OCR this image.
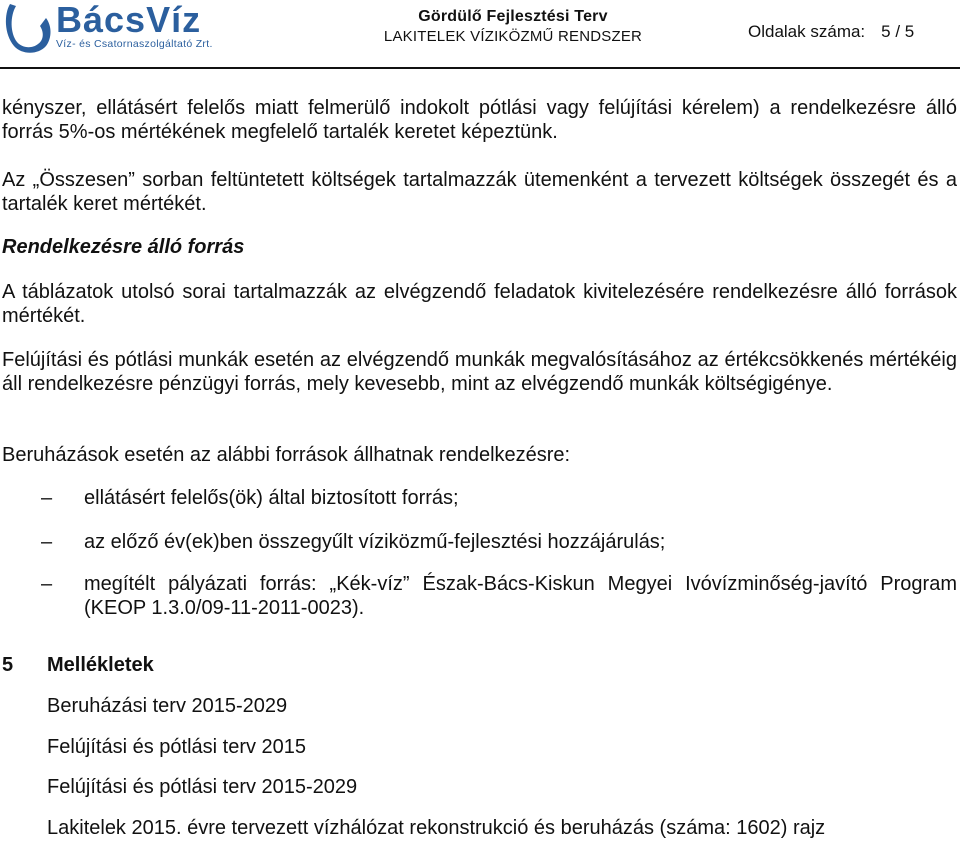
BácsVíz
Víz- és Csatornaszolgáltató Zrt.
Gördülő Fejlesztési Terv
LAKITELEK VÍZIKÖZMŰ RENDSZER	Oldalak száma: 5 / 5

kényszer, ellátásért felelős miatt felmerülő indokolt pótlási vagy felújítási kérelem) a rendelkezésre álló forrás 5%-os mértékének megfelelő tartalék keretet képeztünk.

Az „Összesen” sorban feltüntetett költségek tartalmazzák ütemenként a tervezett költségek összegét és a tartalék keret mértékét.

Rendelkezésre álló forrás

A táblázatok utolsó sorai tartalmazzák az elvégzendő feladatok kivitelezésére rendelkezésre álló források mértékét.

Felújítási és pótlási munkák esetén az elvégzendő munkák megvalósításához az értékcsökkenés mértékéig áll rendelkezésre pénzügyi forrás, mely kevesebb, mint az elvégzendő munkák költségigénye.

Beruházások esetén az alábbi források állhatnak rendelkezésre:

– ellátásért felelős(ök) által biztosított forrás;
– az előző év(ek)ben összegyűlt víziközmű-fejlesztési hozzájárulás;
– megítélt pályázati forrás: „Kék-víz” Észak-Bács-Kiskun Megyei Ivóvízminőség-javító Program (KEOP 1.3.0/09-11-2011-0023).
5 Mellékletek
Beruházási terv 2015-2029
Felújítási és pótlási terv 2015
Felújítási és pótlási terv 2015-2029
Lakitelek 2015. évre tervezett vízhálózat rekonstrukció és beruházás (száma: 1602) rajz
